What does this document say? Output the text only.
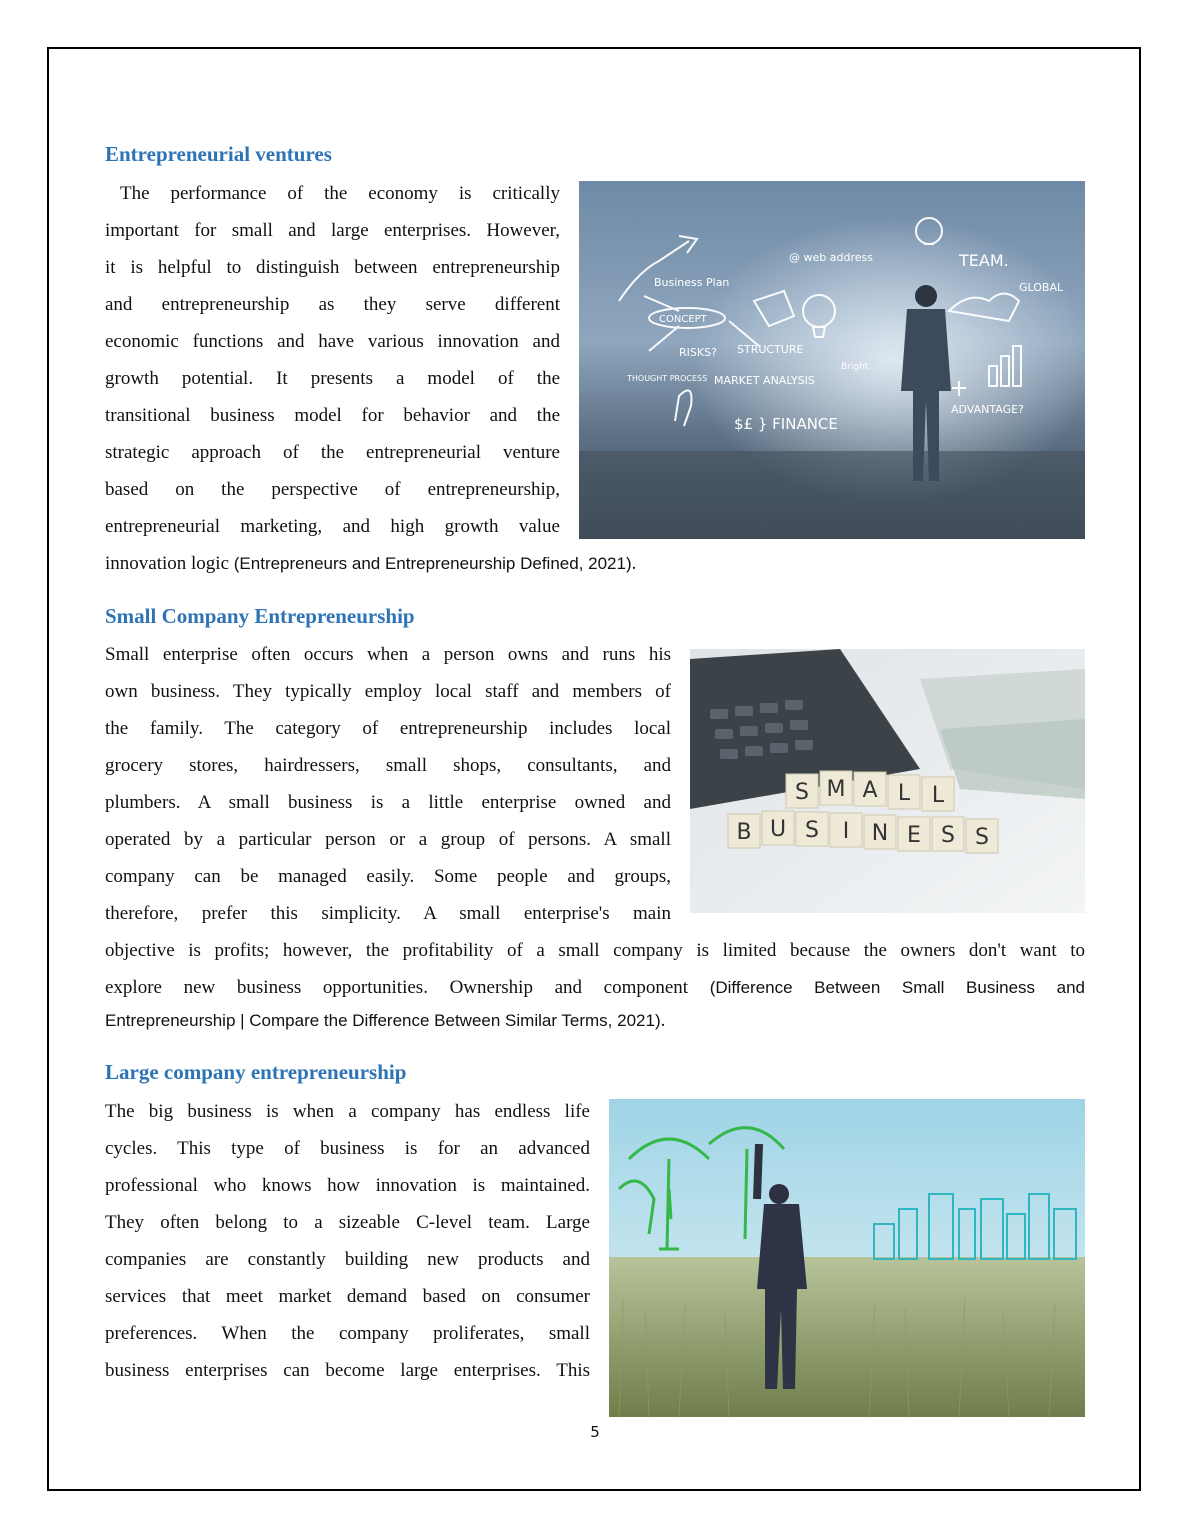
Entrepreneurial ventures
The performance of the economy is critically
important for small and large enterprises. However,
it is helpful to distinguish between entrepreneurship
and entrepreneurship as they serve different
economic functions and have various innovation and
growth potential. It presents a model of the
transitional business model for behavior and the
strategic approach of the entrepreneurial venture
based on the perspective of entrepreneurship,
entrepreneurial marketing, and high growth value
innovation logic (Entrepreneurs and Entrepreneurship Defined, 2021).
Business Plan
@ web address	TEAM.
GLOBAL
CONCEPT
RISKS? STRUCTURE
Bright
THOUGHT PROCESS MARKET ANALYSIS
ADVANTAGE?
$£ } FINANCE
Small Company Entrepreneurship
Small enterprise often occurs when a person owns and runs his
own business. They typically employ local staff and members of
the family. The category of entrepreneurship includes local
grocery stores, hairdressers, small shops, consultants, and
plumbers. A small business is a little enterprise owned and
operated by a particular person or a group of persons. A small
company can be managed easily. Some people and groups,
therefore, prefer this simplicity. A small enterprise's main
objective is profits; however, the profitability of a small company is limited because the owners don't want to
explore new business opportunities. Ownership and component (Difference Between Small Business and
Entrepreneurship | Compare the Difference Between Similar Terms, 2021).
S M A L L
B U S I N E S S
Large company entrepreneurship
The big business is when a company has endless life
cycles. This type of business is for an advanced
professional who knows how innovation is maintained.
They often belong to a sizeable C-level team. Large
companies are constantly building new products and
services that meet market demand based on consumer
preferences. When the company proliferates, small
business enterprises can become large enterprises. This
5
